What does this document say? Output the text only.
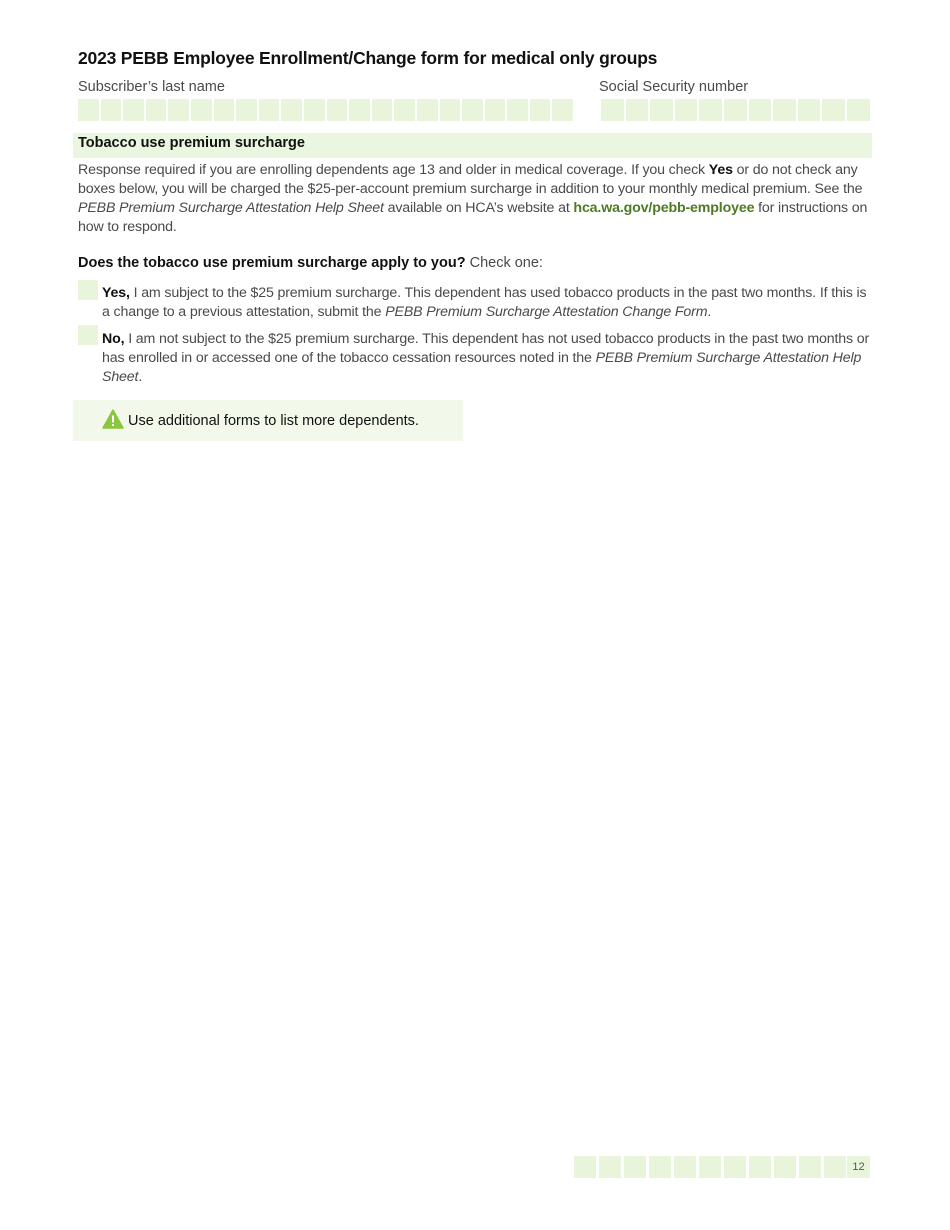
2023 PEBB Employee Enrollment/Change form for medical only groups
Subscriber’s last name	Social Security number
Tobacco use premium surcharge
Response required if you are enrolling dependents age 13 and older in medical coverage. If you check Yes or do not check any boxes below, you will be charged the $25-per-account premium surcharge in addition to your monthly medical premium. See the PEBB Premium Surcharge Attestation Help Sheet available on HCA’s website at hca.wa.gov/pebb-employee for instructions on how to respond.
Does the tobacco use premium surcharge apply to you? Check one:
Yes, I am subject to the $25 premium surcharge. This dependent has used tobacco products in the past two months. If this is a change to a previous attestation, submit the PEBB Premium Surcharge Attestation Change Form.
No, I am not subject to the $25 premium surcharge. This dependent has not used tobacco products in the past two months or has enrolled in or accessed one of the tobacco cessation resources noted in the PEBB Premium Surcharge Attestation Help Sheet.
Use additional forms to list more dependents.
12
